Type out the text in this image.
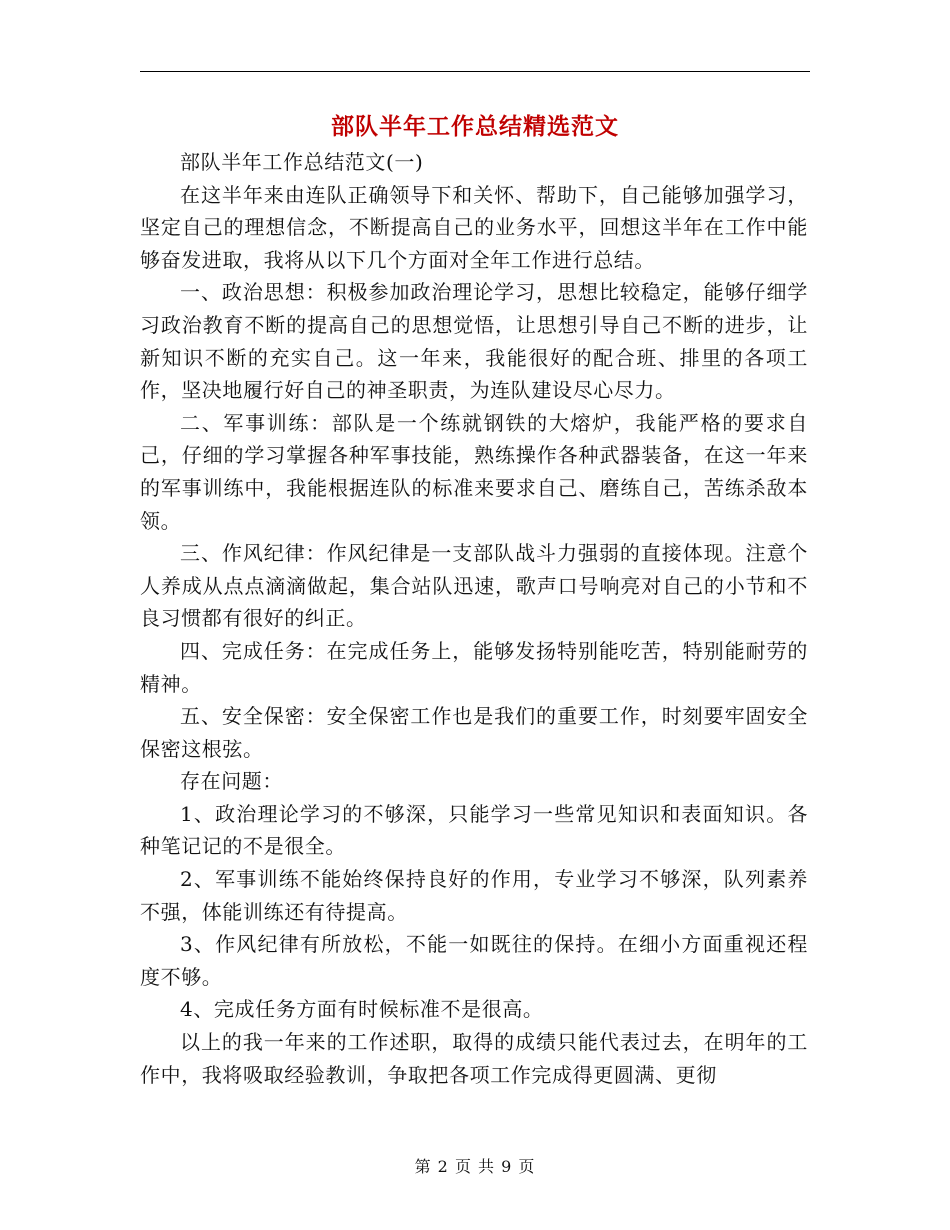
部队半年工作总结精选范文

部队半年工作总结范文(一)

在这半年来由连队正确领导下和关怀、帮助下，自己能够加强学习，坚定自己的理想信念，不断提高自己的业务水平，回想这半年在工作中能够奋发进取，我将从以下几个方面对全年工作进行总结。

一、政治思想：积极参加政治理论学习，思想比较稳定，能够仔细学习政治教育不断的提高自己的思想觉悟，让思想引导自己不断的进步，让新知识不断的充实自己。这一年来，我能很好的配合班、排里的各项工作，坚决地履行好自己的神圣职责，为连队建设尽心尽力。

二、军事训练：部队是一个练就钢铁的大熔炉，我能严格的要求自己，仔细的学习掌握各种军事技能，熟练操作各种武器装备，在这一年来的军事训练中，我能根据连队的标准来要求自己、磨练自己，苦练杀敌本领。

三、作风纪律：作风纪律是一支部队战斗力强弱的直接体现。注意个人养成从点点滴滴做起，集合站队迅速，歌声口号响亮对自己的小节和不良习惯都有很好的纠正。

四、完成任务：在完成任务上，能够发扬特别能吃苦，特别能耐劳的精神。

五、安全保密：安全保密工作也是我们的重要工作，时刻要牢固安全保密这根弦。

存在问题：

1、政治理论学习的不够深，只能学习一些常见知识和表面知识。各种笔记记的不是很全。

2、军事训练不能始终保持良好的作用，专业学习不够深，队列素养不强，体能训练还有待提高。

3、作风纪律有所放松，不能一如既往的保持。在细小方面重视还程度不够。

4、完成任务方面有时候标准不是很高。

以上的我一年来的工作述职，取得的成绩只能代表过去，在明年的工作中，我将吸取经验教训，争取把各项工作完成得更圆满、更彻

第 2 页 共 9 页
